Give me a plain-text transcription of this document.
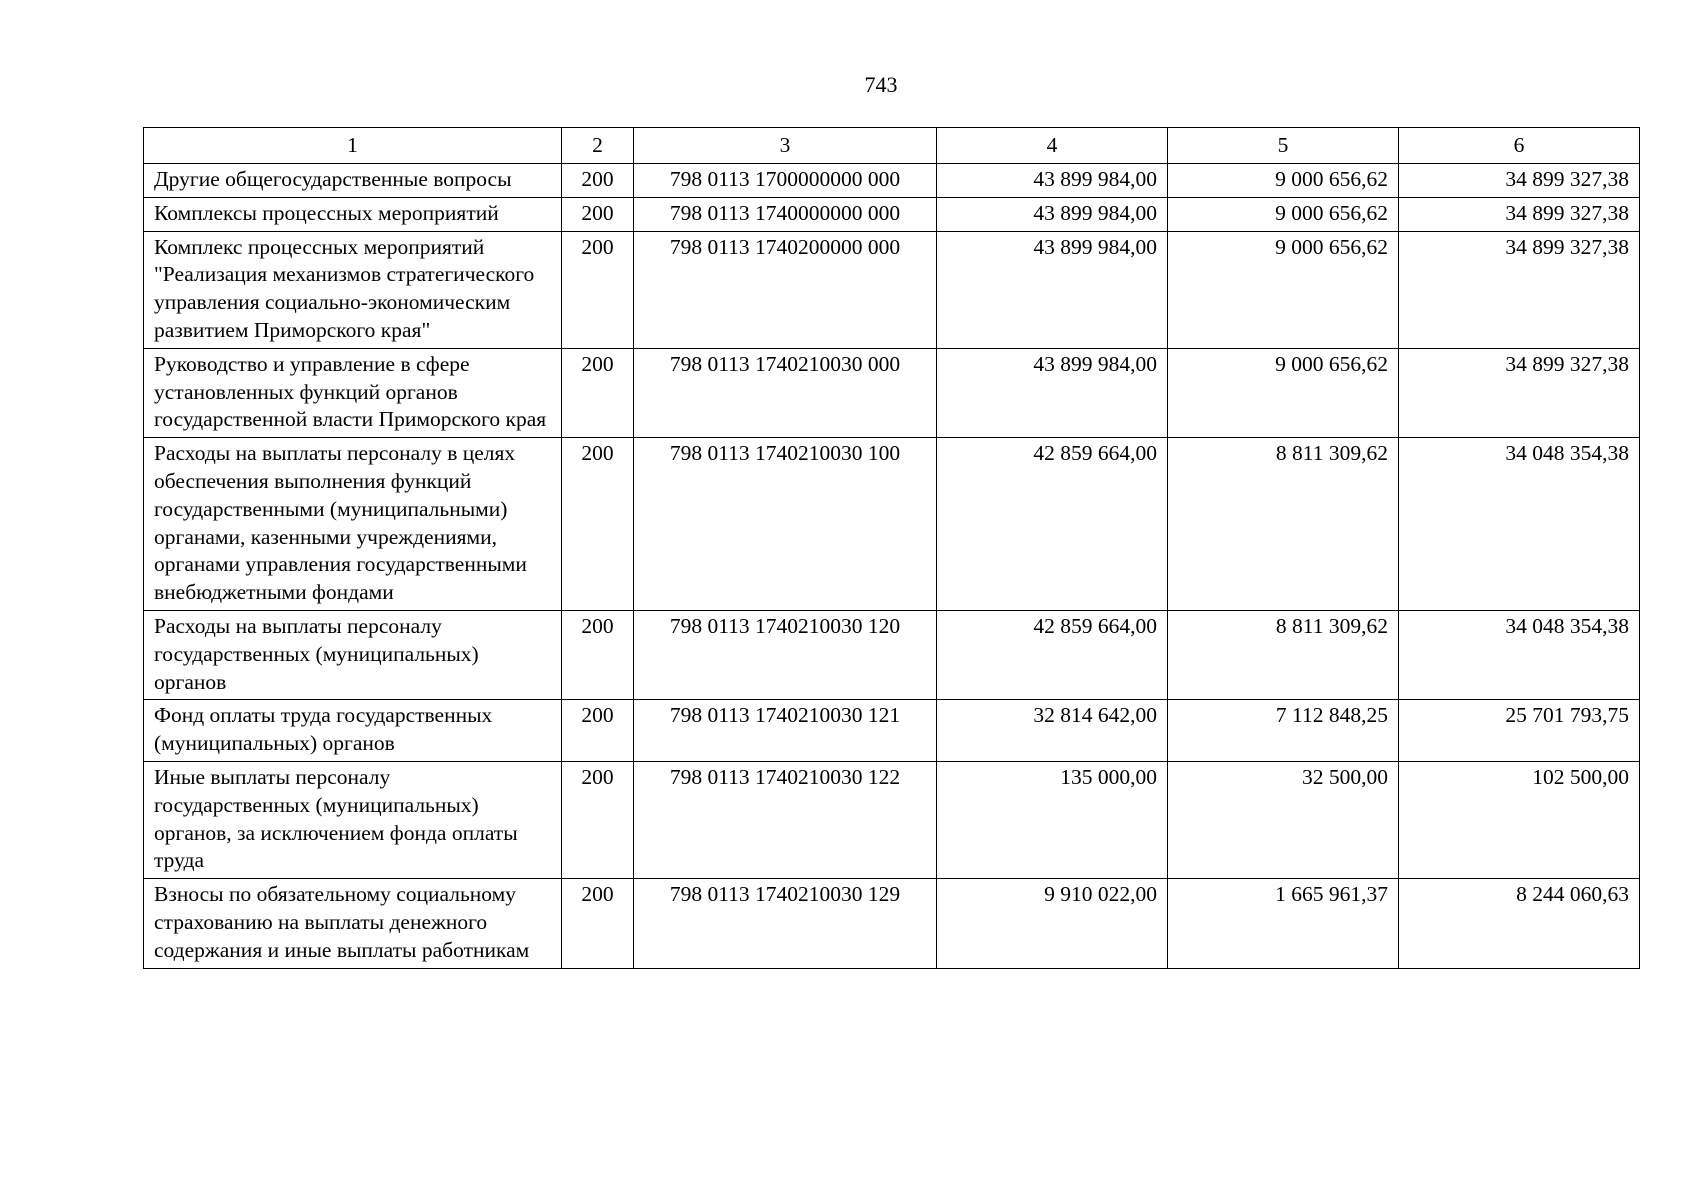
743
1	2	3	4	5	6
Другие общегосударственные вопросы	200	798 0113 1700000000 000	43 899 984,00	9 000 656,62	34 899 327,38
Комплексы процессных мероприятий	200	798 0113 1740000000 000	43 899 984,00	9 000 656,62	34 899 327,38
Комплекс процессных мероприятий "Реализация механизмов стратегического управления социально-экономическим развитием Приморского края"	200	798 0113 1740200000 000	43 899 984,00	9 000 656,62	34 899 327,38
Руководство и управление в сфере установленных функций органов государственной власти Приморского края	200	798 0113 1740210030 000	43 899 984,00	9 000 656,62	34 899 327,38
Расходы на выплаты персоналу в целях обеспечения выполнения функций государственными (муниципальными) органами, казенными учреждениями, органами управления государственными внебюджетными фондами	200	798 0113 1740210030 100	42 859 664,00	8 811 309,62	34 048 354,38
Расходы на выплаты персоналу государственных (муниципальных) органов	200	798 0113 1740210030 120	42 859 664,00	8 811 309,62	34 048 354,38
Фонд оплаты труда государственных (муниципальных) органов	200	798 0113 1740210030 121	32 814 642,00	7 112 848,25	25 701 793,75
Иные выплаты персоналу государственных (муниципальных) органов, за исключением фонда оплаты труда	200	798 0113 1740210030 122	135 000,00	32 500,00	102 500,00
Взносы по обязательному социальному страхованию на выплаты денежного содержания и иные выплаты работникам	200	798 0113 1740210030 129	9 910 022,00	1 665 961,37	8 244 060,63
